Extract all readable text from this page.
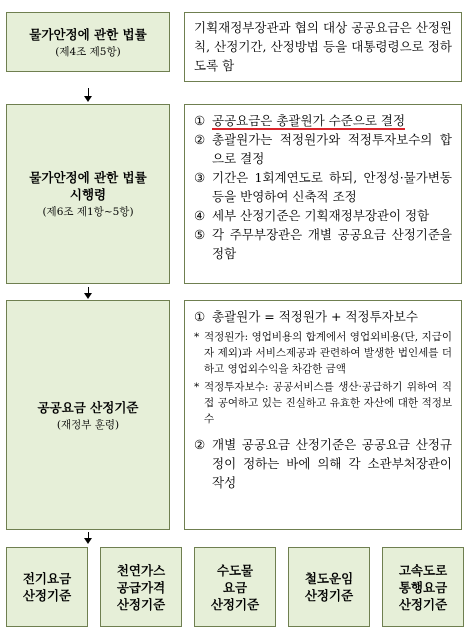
물가안정에 관한 법률
(제4조 제5항)
기획재정부장관과 협의 대상 공공요금은 산정원칙, 산정기간, 산정방법 등을 대통령령으로 정하도록 함
물가안정에 관한 법률
시행령
(제6조 제1항~5항)
① 공공요금은 총괄원가 수준으로 결정
② 총괄원가는 적정원가와 적정투자보수의 합으로 결정
③ 기간은 1회계연도로 하되, 안정성·물가변동 등을 반영하여 신축적 조정
④ 세부 산정기준은 기획재정부장관이 정함
⑤ 각 주무부장관은 개별 공공요금 산정기준을 정함
공공요금 산정기준
(재정부 훈령)
① 총괄원가 = 적정원가 + 적정투자보수
* 적정원가: 영업비용의 합계에서 영업외비용(단, 지급이자 제외)과 서비스제공과 관련하여 발생한 법인세를 더하고 영업외수익을 차감한 금액
* 적정투자보수: 공공서비스를 생산·공급하기 위하여 직접 공여하고 있는 진실하고 유효한 자산에 대한 적정보수
② 개별 공공요금 산정기준은 공공요금 산정규정이 정하는 바에 의해 각 소관부처장관이 작성
전기요금
산정기준
천연가스
공급가격
산정기준
수도물
요금
산정기준
철도운임
산정기준
고속도로
통행요금
산정기준
